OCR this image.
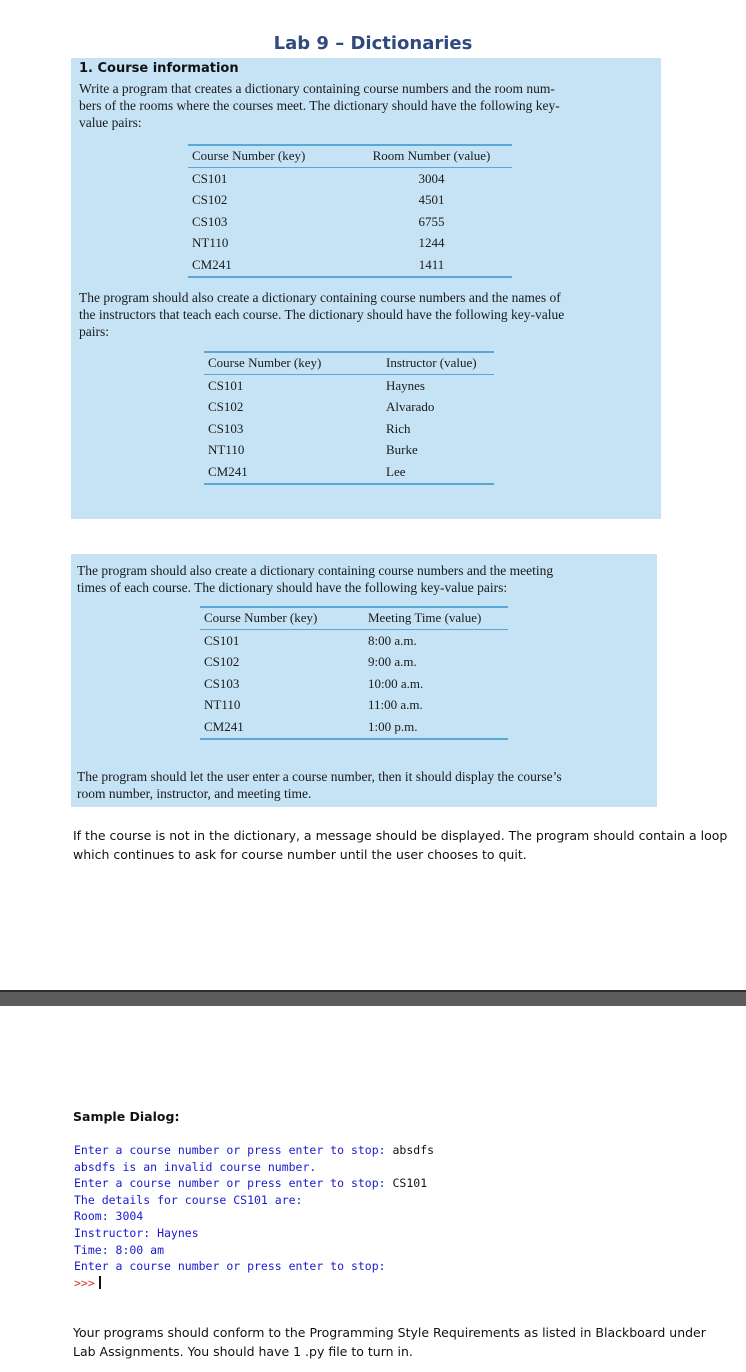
Lab 9 – Dictionaries
1. Course information
Write a program that creates a dictionary containing course numbers and the room num-
bers of the rooms where the courses meet. The dictionary should have the following key-
value pairs:
Course Number (key)	Room Number (value)
CS101	3004
CS102	4501
CS103	6755
NT110	1244
CM241	1411
The program should also create a dictionary containing course numbers and the names of
the instructors that teach each course. The dictionary should have the following key-value
pairs:
Course Number (key)	Instructor (value)
CS101	Haynes
CS102	Alvarado
CS103	Rich
NT110	Burke
CM241	Lee
The program should also create a dictionary containing course numbers and the meeting
times of each course. The dictionary should have the following key-value pairs:
Course Number (key)	Meeting Time (value)
CS101	8:00 a.m.
CS102	9:00 a.m.
CS103	10:00 a.m.
NT110	11:00 a.m.
CM241	1:00 p.m.
The program should let the user enter a course number, then it should display the course’s
room number, instructor, and meeting time.
If the course is not in the dictionary, a message should be displayed. The program should contain a loop
which continues to ask for course number until the user chooses to quit.
Sample Dialog:
Enter a course number or press enter to stop: absdfs
absdfs is an invalid course number.
Enter a course number or press enter to stop: CS101
The details for course CS101 are:
Room: 3004
Instructor: Haynes
Time: 8:00 am
Enter a course number or press enter to stop:
>>>
Your programs should conform to the Programming Style Requirements as listed in Blackboard under
Lab Assignments. You should have 1 .py file to turn in.
